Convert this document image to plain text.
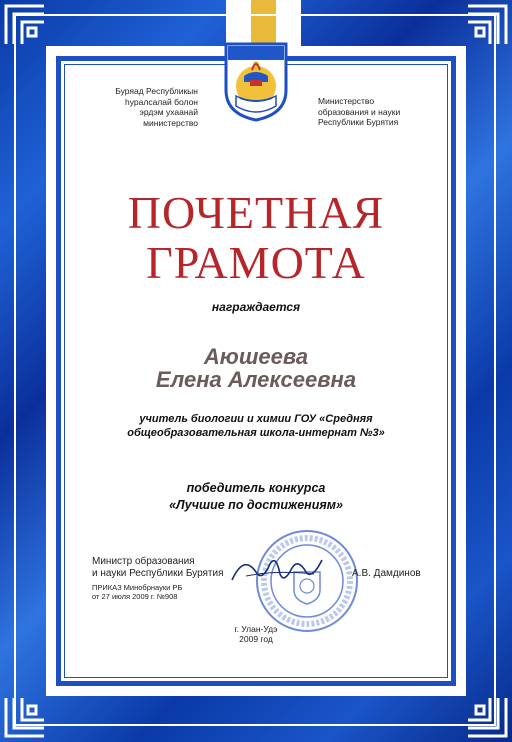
Буряад Республикын
һуралсалай болон
эрдэм ухаанай
министерство
Министерство
образования и науки
Республики Бурятия
ПОЧЕТНАЯ
ГРАМОТА
награждается
Аюшеева
Елена Алексеевна
учитель биологии и химии ГОУ «Средняя
общеобразовательная школа-интернат №3»
победитель конкурса
«Лучшие по достижениям»
Министр образования
и науки Республики Бурятия	А.В. Дамдинов
ПРИКАЗ Минобрнауки РБ
от 27 июля 2009 г. №908
г. Улан-Удэ
2009 год
